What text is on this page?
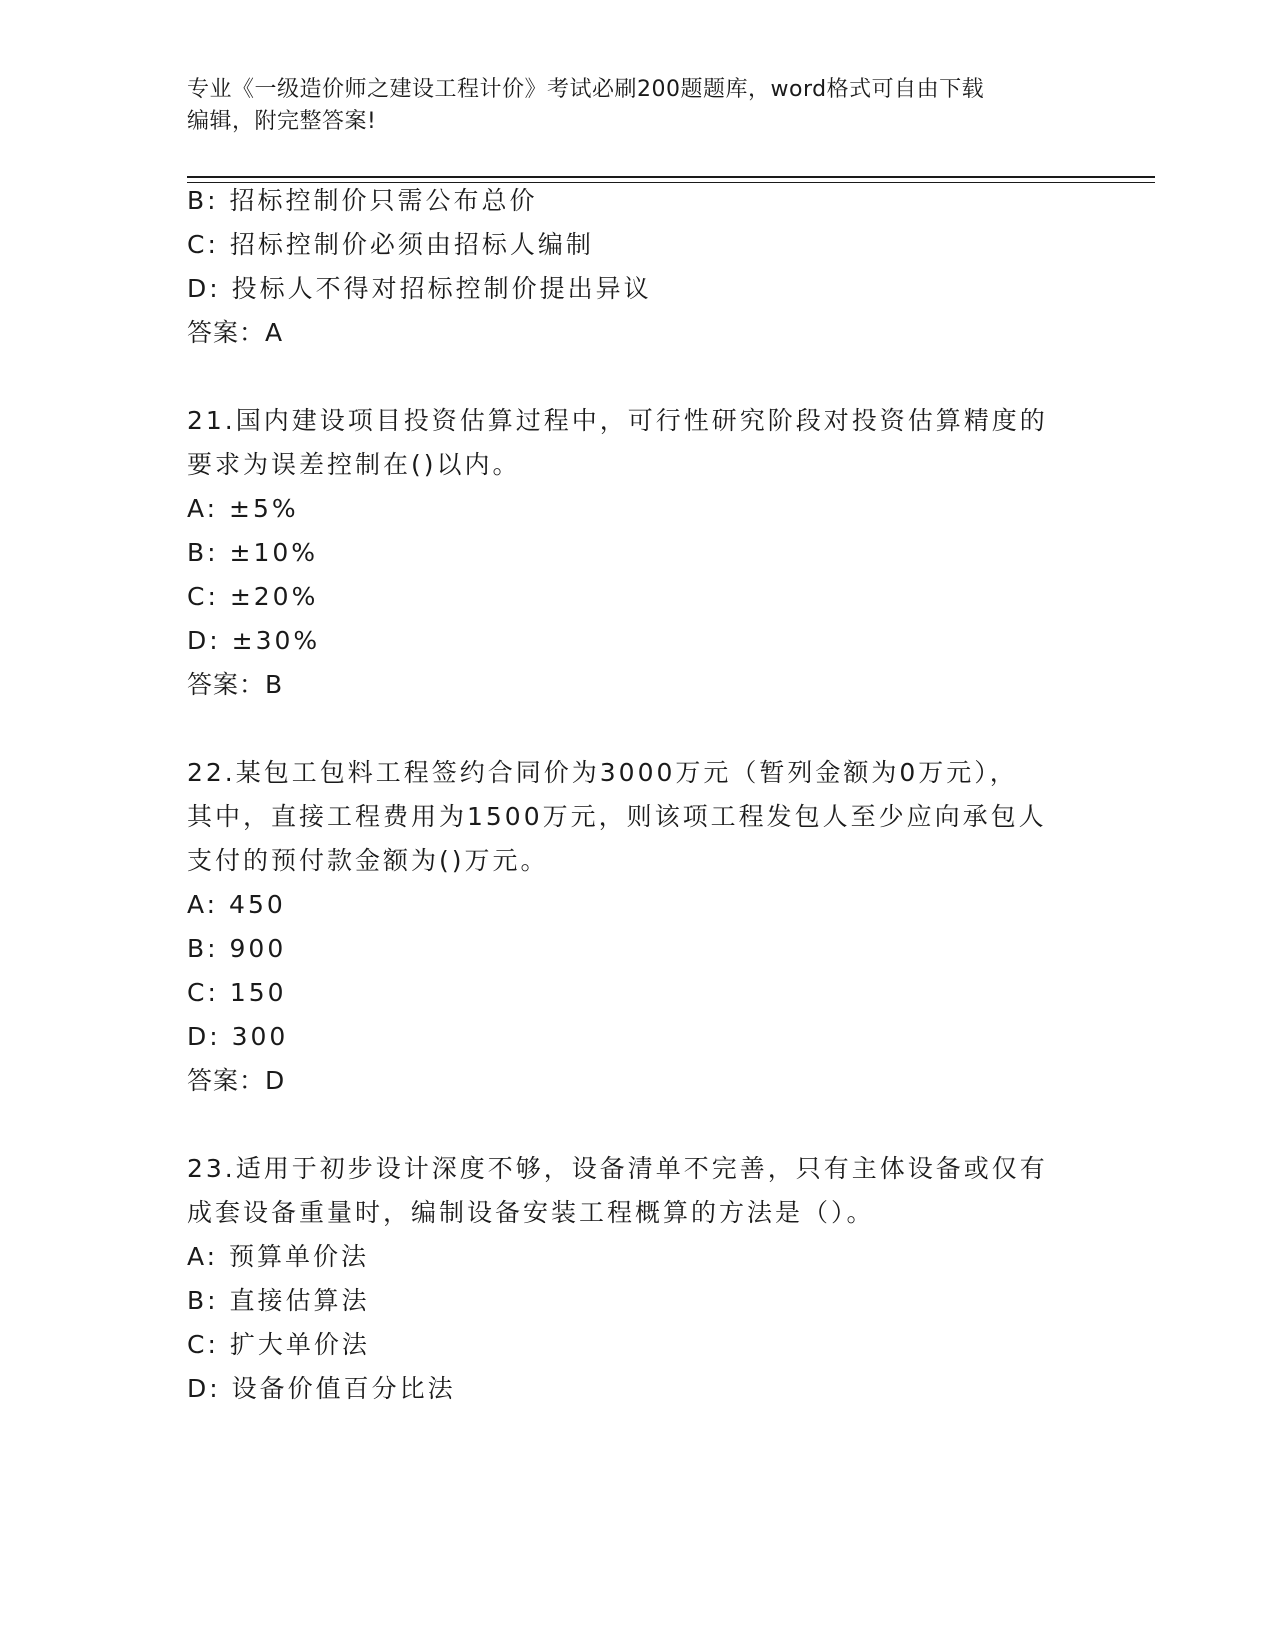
专业《一级造价师之建设工程计价》考试必刷200题题库，word格式可自由下载
编辑，附完整答案!
B: 招标控制价只需公布总价
C: 招标控制价必须由招标人编制
D: 投标人不得对招标控制价提出异议
答案：A
21.国内建设项目投资估算过程中，可行性研究阶段对投资估算精度的
要求为误差控制在()以内。
A: ±5%
B: ±10%
C: ±20%
D: ±30%
答案：B
22.某包工包料工程签约合同价为3000万元（暂列金额为0万元），
其中，直接工程费用为1500万元，则该项工程发包人至少应向承包人
支付的预付款金额为()万元。
A: 450
B: 900
C: 150
D: 300
答案：D
23.适用于初步设计深度不够，设备清单不完善，只有主体设备或仅有
成套设备重量时，编制设备安装工程概算的方法是（）。
A: 预算单价法
B: 直接估算法
C: 扩大单价法
D: 设备价值百分比法
